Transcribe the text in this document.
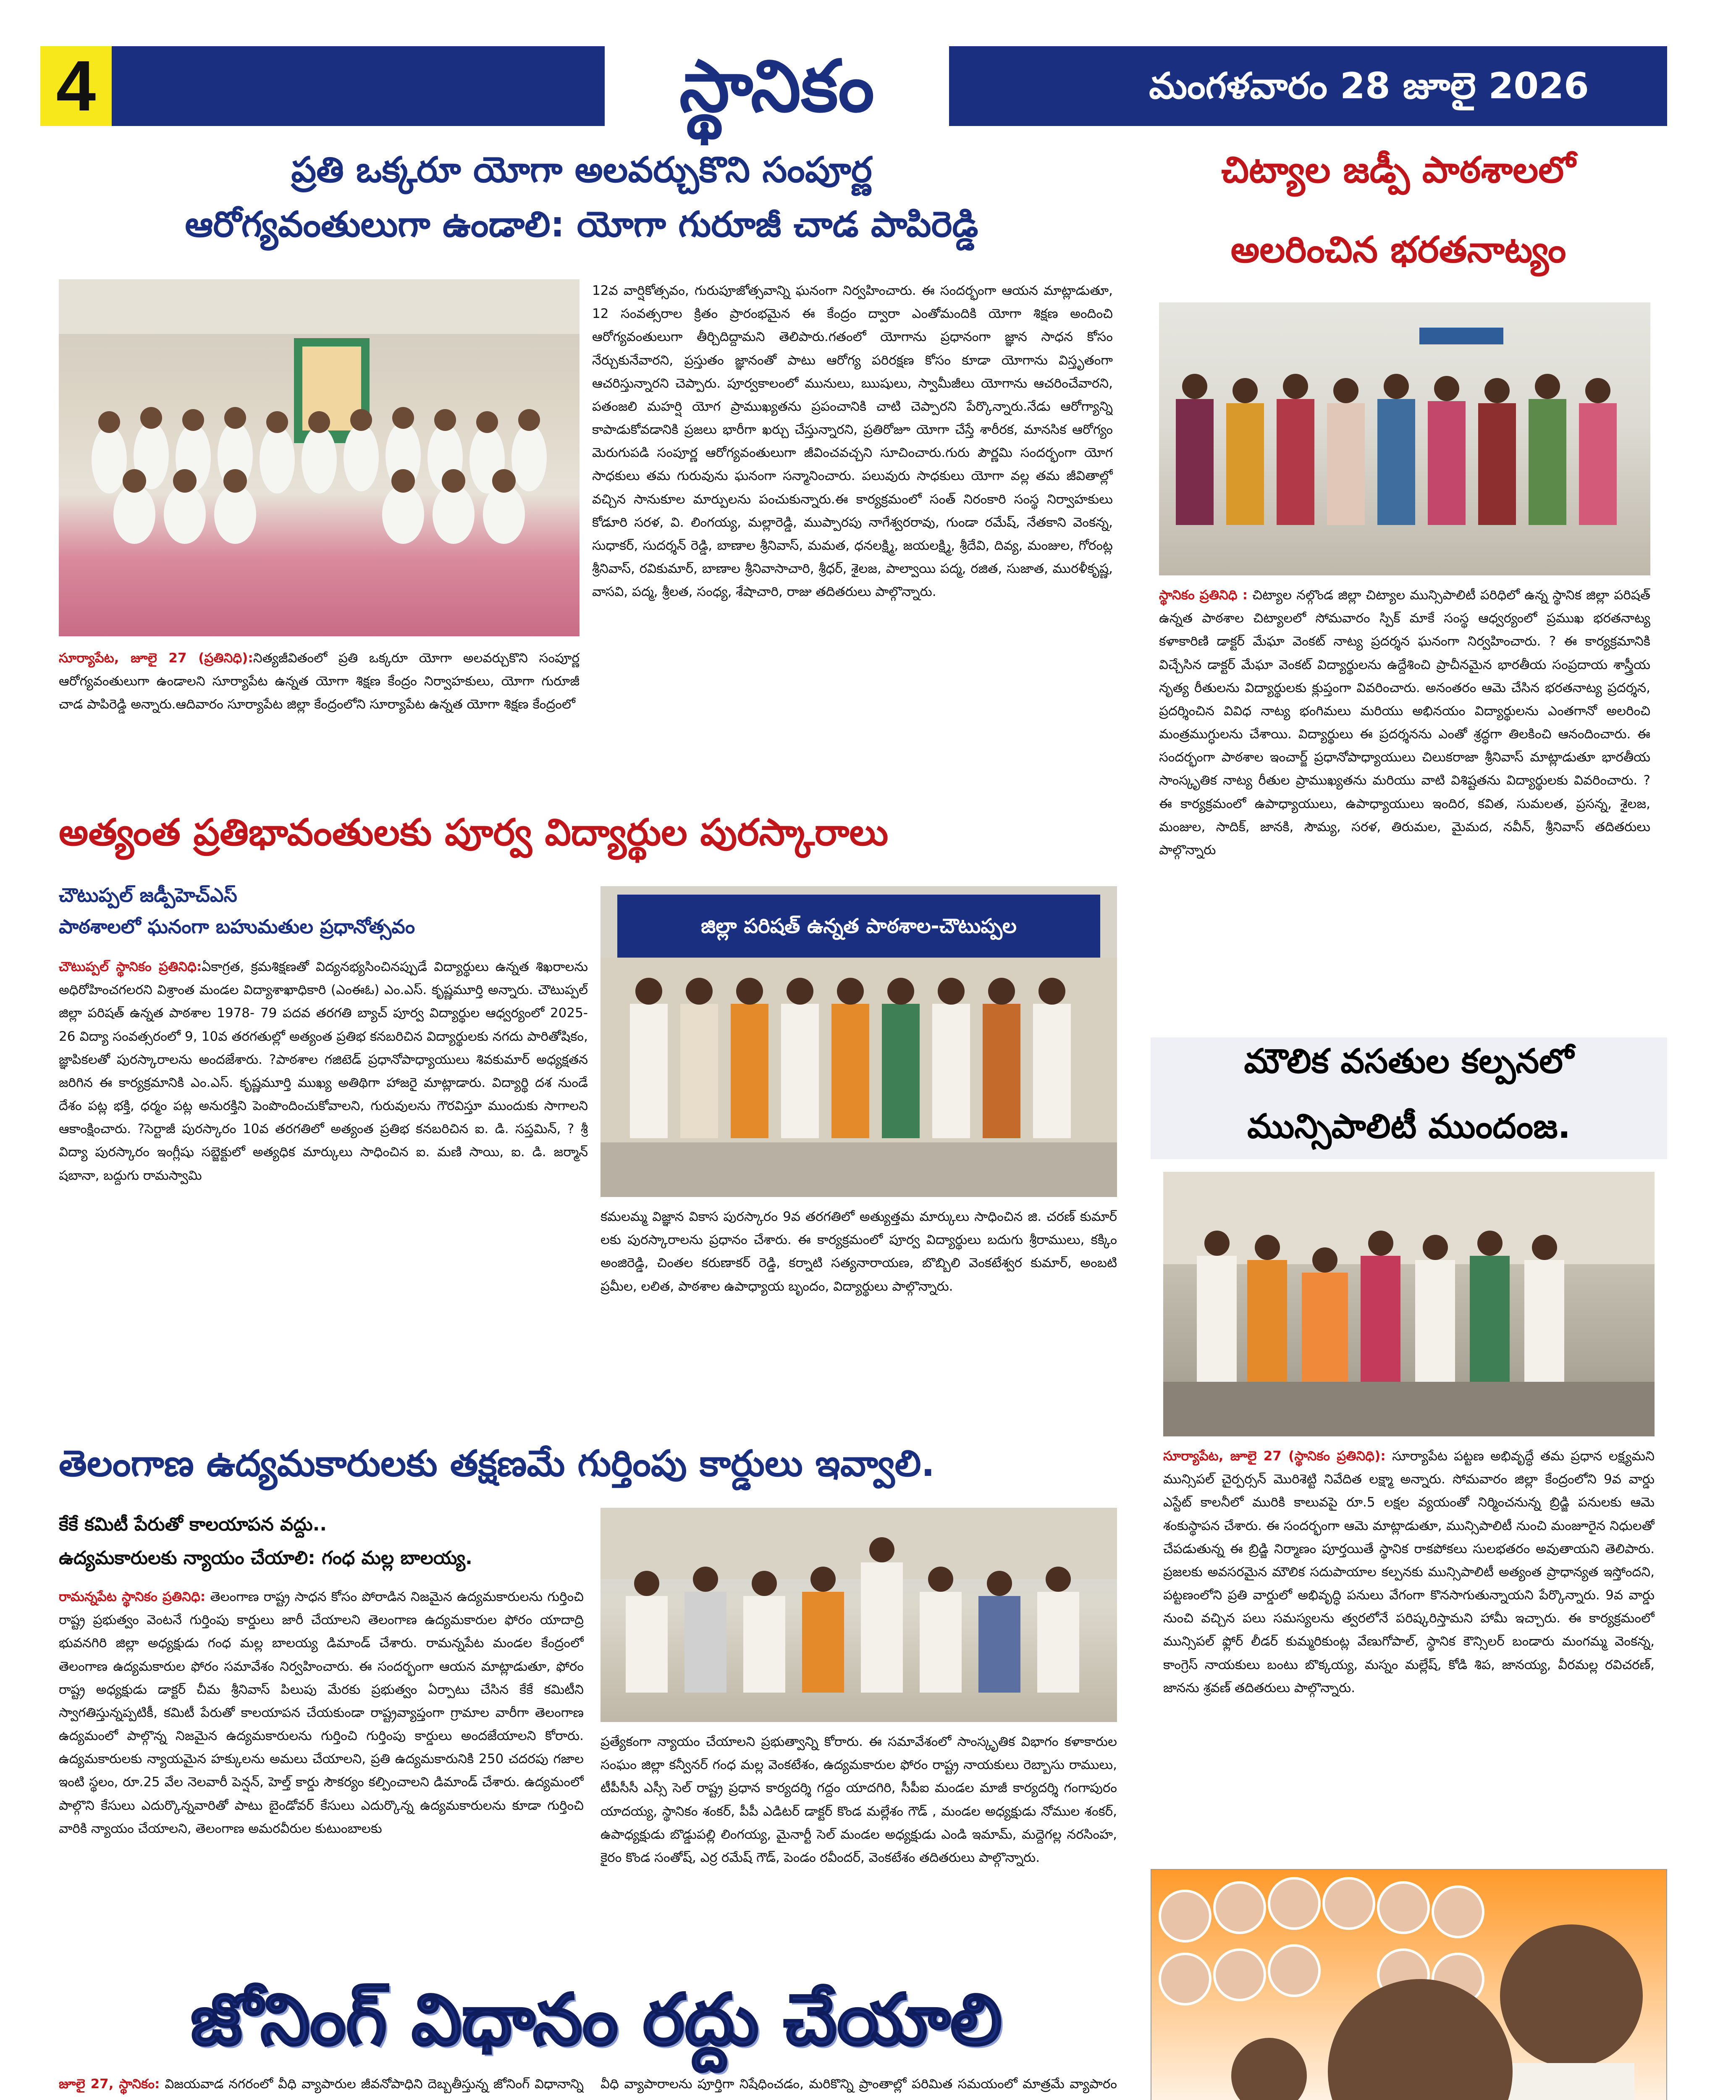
4	స్థానికం	మంగళవారం 28 జూలై 2026
ప్రతి ఒక్కరూ యోగా అలవర్చుకొని సంపూర్ణ
ఆరోగ్యవంతులుగా ఉండాలి: యోగా గురూజీ చాడ పాపిరెడ్డి
సూర్యాపేట, జూలై 27 (ప్రతినిధి):నిత్యజీవితంలో ప్రతి ఒక్కరూ యోగా అలవర్చుకొని సంపూర్ణ ఆరోగ్యవంతులుగా ఉండాలని సూర్యాపేట ఉన్నత యోగా శిక్షణ కేంద్రం నిర్వాహకులు, యోగా గురూజీ చాడ పాపిరెడ్డి అన్నారు.ఆదివారం సూర్యాపేట జిల్లా కేంద్రంలోని సూర్యాపేట ఉన్నత యోగా శిక్షణ కేంద్రంలో
12వ వార్షికోత్సవం, గురుపూజోత్సవాన్ని ఘనంగా నిర్వహించారు. ఈ సందర్భంగా ఆయన మాట్లాడుతూ, 12 సంవత్సరాల క్రితం ప్రారంభమైన ఈ కేంద్రం ద్వారా ఎంతోమందికి యోగా శిక్షణ అందించి ఆరోగ్యవంతులుగా తీర్చిదిద్దామని తెలిపారు.గతంలో యోగాను ప్రధానంగా జ్ఞాన సాధన కోసం నేర్చుకునేవారని, ప్రస్తుతం జ్ఞానంతో పాటు ఆరోగ్య పరిరక్షణ కోసం కూడా యోగాను విస్తృతంగా ఆచరిస్తున్నారని చెప్పారు. పూర్వకాలంలో మునులు, ఋషులు, స్వామీజీలు యోగాను ఆచరించేవారని, పతంజలి మహర్షి యోగ ప్రాముఖ్యతను ప్రపంచానికి చాటి చెప్పారని పేర్కొన్నారు.నేడు ఆరోగ్యాన్ని కాపాడుకోవడానికి ప్రజలు భారీగా ఖర్చు చేస్తున్నారని, ప్రతిరోజూ యోగా చేస్తే శారీరక, మానసిక ఆరోగ్యం మెరుగుపడి సంపూర్ణ ఆరోగ్యవంతులుగా జీవించవచ్చని సూచించారు.గురు పౌర్ణమి సందర్భంగా యోగ సాధకులు తమ గురువును ఘనంగా సన్మానించారు. పలువురు సాధకులు యోగా వల్ల తమ జీవితాల్లో వచ్చిన సానుకూల మార్పులను పంచుకున్నారు.ఈ కార్యక్రమంలో సంత్ నిరంకారి సంస్థ నిర్వాహకులు కోడూరి సరళ, వి. లింగయ్య, మల్లారెడ్డి, ముప్పారపు నాగేశ్వరరావు, గుండా రమేష్, నేతకాని వెంకన్న, సుధాకర్, సుదర్శన్ రెడ్డి, బాణాల శ్రీనివాస్, మమత, ధనలక్ష్మి, జయలక్ష్మి, శ్రీదేవి, దివ్య, మంజుల, గోరంట్ల శ్రీనివాస్, రవికుమార్, బాణాల శ్రీనివాసాచారి, శ్రీధర్, శైలజ, పాల్వాయి పద్మ, రజిత, సుజాత, మురళీకృష్ణ, వాసవి, పద్మ, శ్రీలత, సంధ్య, శేషాచారి, రాజు తదితరులు పాల్గొన్నారు.
చిట్యాల జడ్పీ పాఠశాలలో
అలరించిన భరతనాట్యం
స్థానికం ప్రతినిధి : చిట్యాల నల్గొండ జిల్లా చిట్యాల మున్సిపాలిటీ పరిధిలో ఉన్న స్థానిక జిల్లా పరిషత్ ఉన్నత పాఠశాల చిట్యాలలో సోమవారం స్పిక్ మాకే సంస్థ ఆధ్వర్యంలో ప్రముఖ భరతనాట్య కళాకారిణి డాక్టర్ మేఘా వెంకట్ నాట్య ప్రదర్శన ఘనంగా నిర్వహించారు. ? ఈ కార్యక్రమానికి విచ్చేసిన డాక్టర్ మేఘా వెంకట్ విద్యార్థులను ఉద్దేశించి ప్రాచీనమైన భారతీయ సంప్రదాయ శాస్త్రీయ నృత్య రీతులను విద్యార్థులకు క్లుప్తంగా వివరించారు. అనంతరం ఆమె చేసిన భరతనాట్య ప్రదర్శన, ప్రదర్శించిన వివిధ నాట్య భంగిమలు మరియు అభినయం విద్యార్థులను ఎంతగానో అలరించి మంత్రముగ్ధులను చేశాయి. విద్యార్థులు ఈ ప్రదర్శనను ఎంతో శ్రద్ధగా తిలకించి ఆనందించారు. ఈ సందర్భంగా పాఠశాల ఇంచార్జ్ ప్రధానోపాధ్యాయులు చిలుకరాజా శ్రీనివాస్ మాట్లాడుతూ భారతీయ సాంస్కృతిక నాట్య రీతుల ప్రాముఖ్యతను మరియు వాటి విశిష్టతను విద్యార్థులకు వివరించారు. ? ఈ కార్యక్రమంలో ఉపాధ్యాయులు, ఉపాధ్యాయులు ఇందిర, కవిత, సుమలత, ప్రసన్న, శైలజ, మంజుల, సాదిక్, జానకి, సౌమ్య, సరళ, తిరుమల, మైమద, నవీన్, శ్రీనివాస్ తదితరులు పాల్గొన్నారు
అత్యంత ప్రతిభావంతులకు పూర్వ విద్యార్థుల పురస్కారాలు
చౌటుప్పల్ జడ్పీహెచ్ఎస్
పాఠశాలలో ఘనంగా బహుమతుల ప్రధానోత్సవం
చౌటుప్పల్ స్థానికం ప్రతినిధి:ఏకాగ్రత, క్రమశిక్షణతో విద్యనభ్యసించినప్పుడే విద్యార్థులు ఉన్నత శిఖరాలను అధిరోహించగలరని విశ్రాంత మండల విద్యాశాఖాధికారి (ఎంఈఓ) ఎం.ఎస్. కృష్ణమూర్తి అన్నారు. చౌటుప్పల్ జిల్లా పరిషత్ ఉన్నత పాఠశాల 1978- 79 పదవ తరగతి బ్యాచ్ పూర్వ విద్యార్థుల ఆధ్వర్యంలో 2025- 26 విద్యా సంవత్సరంలో 9, 10వ తరగతుల్లో అత్యంత ప్రతిభ కనబరిచిన విద్యార్థులకు నగదు పారితోషికం, జ్ఞాపికలతో పురస్కారాలను అందజేశారు. ?పాఠశాల గజిటెడ్ ప్రధానోపాధ్యాయులు శివకుమార్ అధ్యక్షతన జరిగిన ఈ కార్యక్రమానికి ఎం.ఎస్. కృష్ణమూర్తి ముఖ్య అతిథిగా హాజరై మాట్లాడారు. విద్యార్థి దశ నుండే దేశం పట్ల భక్తి, ధర్మం పట్ల అనురక్తిని పెంపొందించుకోవాలని, గురువులను గౌరవిస్తూ ముందుకు సాగాలని ఆకాంక్షించారు. ?సెర్టాజీ పురస్కారం 10వ తరగతిలో అత్యంత ప్రతిభ కనబరిచిన ఐ. డి. సప్తమిన్, ? శ్రీ విద్యా పురస్కారం ఇంగ్లీషు సబ్జెక్టులో అత్యధిక మార్కులు సాధించిన ఐ. మణి సాయి, ఐ. డి. జర్మాన్ షబానా, బద్దుగు రామస్వామి
జిల్లా పరిషత్ ఉన్నత పాఠశాల-చౌటుప్పల
కమలమ్మ విజ్ఞాన వికాస పురస్కారం 9వ తరగతిలో అత్యుత్తమ మార్కులు సాధించిన జి. చరణ్ కుమార్ లకు పురస్కారాలను ప్రధానం చేశారు. ఈ కార్యక్రమంలో పూర్వ విద్యార్థులు బదుగు శ్రీరాములు, కక్కిం అంజిరెడ్డి, చింతల కరుణాకర్ రెడ్డి, కర్నాటి సత్యనారాయణ, బొబ్బిలి వెంకటేశ్వర కుమార్, అంబటి ప్రమీల, లలిత, పాఠశాల ఉపాధ్యాయ బృందం, విద్యార్థులు పాల్గొన్నారు.
మౌలిక వసతుల కల్పనలో
మున్సిపాలిటీ ముందంజ.
సూర్యాపేట, జూలై 27 (స్థానికం ప్రతినిధి): సూర్యాపేట పట్టణ అభివృద్ధే తమ ప్రధాన లక్ష్యమని మున్సిపల్ చైర్పర్సన్ మొరిశెట్టి నివేదిత లక్ష్మా అన్నారు. సోమవారం జిల్లా కేంద్రంలోని 9వ వార్డు ఎస్టేట్ కాలనీలో మురికి కాలువపై రూ.5 లక్షల వ్యయంతో నిర్మించనున్న బ్రిడ్జి పనులకు ఆమె శంకుస్థాపన చేశారు. ఈ సందర్భంగా ఆమె మాట్లాడుతూ, మున్సిపాలిటీ నుంచి మంజూరైన నిధులతో చేపడుతున్న ఈ బ్రిడ్జి నిర్మాణం పూర్తయితే స్థానిక రాకపోకలు సులభతరం అవుతాయని తెలిపారు. ప్రజలకు అవసరమైన మౌలిక సదుపాయాల కల్పనకు మున్సిపాలిటీ అత్యంత ప్రాధాన్యత ఇస్తోందని, పట్టణంలోని ప్రతి వార్డులో అభివృద్ధి పనులు వేగంగా కొనసాగుతున్నాయని పేర్కొన్నారు. 9వ వార్డు నుంచి వచ్చిన పలు సమస్యలను త్వరలోనే పరిష్కరిస్తామని హామీ ఇచ్చారు. ఈ కార్యక్రమంలో మున్సిపల్ ఫ్లోర్ లీడర్ కుమ్మరికుంట్ల వేణుగోపాల్, స్థానిక కౌన్సిలర్ బండారు మంగమ్మ వెంకన్న, కాంగ్రెస్ నాయకులు బంటు బొక్కయ్య, మస్నం మల్లేష్, కోడి శిప, జానయ్య, వీరమల్ల రవిచరణ్, జానను శ్రవణ్ తదితరులు పాల్గొన్నారు.
తెలంగాణ ఉద్యమకారులకు తక్షణమే గుర్తింపు కార్డులు ఇవ్వాలి.
కేకే కమిటీ పేరుతో కాలయాపన వద్దు..
ఉద్యమకారులకు న్యాయం చేయాలి: గంధ మల్ల బాలయ్య.
రామన్నపేట స్థానికం ప్రతినిధి: తెలంగాణ రాష్ట్ర సాధన కోసం పోరాడిన నిజమైన ఉద్యమకారులను గుర్తించి రాష్ట్ర ప్రభుత్వం వెంటనే గుర్తింపు కార్డులు జారీ చేయాలని తెలంగాణ ఉద్యమకారుల ఫోరం యాదాద్రి భువనగిరి జిల్లా అధ్యక్షుడు గంధ మల్ల బాలయ్య డిమాండ్ చేశారు. రామన్నపేట మండల కేంద్రంలో తెలంగాణ ఉద్యమకారుల ఫోరం సమావేశం నిర్వహించారు. ఈ సందర్భంగా ఆయన మాట్లాడుతూ, ఫోరం రాష్ట్ర అధ్యక్షుడు డాక్టర్ చీమ శ్రీనివాస్ పిలుపు మేరకు ప్రభుత్వం ఏర్పాటు చేసిన కేకే కమిటీని స్వాగతిస్తున్నప్పటికీ, కమిటీ పేరుతో కాలయాపన చేయకుండా రాష్ట్రవ్యాప్తంగా గ్రామాల వారీగా తెలంగాణ ఉద్యమంలో పాల్గొన్న నిజమైన ఉద్యమకారులను గుర్తించి గుర్తింపు కార్డులు అందజేయాలని కోరారు. ఉద్యమకారులకు న్యాయమైన హక్కులను అమలు చేయాలని, ప్రతి ఉద్యమకారునికి 250 చదరపు గజాల ఇంటి స్థలం, రూ.25 వేల నెలవారీ పెన్షన్, హెల్త్ కార్డు సౌకర్యం కల్పించాలని డిమాండ్ చేశారు. ఉద్యమంలో పాల్గొని కేసులు ఎదుర్కొన్నవారితో పాటు బైండోవర్ కేసులు ఎదుర్కొన్న ఉద్యమకారులను కూడా గుర్తించి వారికి న్యాయం చేయాలని, తెలంగాణ అమరవీరుల కుటుంబాలకు
ప్రత్యేకంగా న్యాయం చేయాలని ప్రభుత్వాన్ని కోరారు. ఈ సమావేశంలో సాంస్కృతిక విభాగం కళాకారుల సంఘం జిల్లా కన్వీనర్ గంధ మల్ల వెంకటేశం, ఉద్యమకారుల ఫోరం రాష్ట్ర నాయకులు రెబ్బాసు రాములు, టీపీసీసీ ఎస్సీ సెల్ రాష్ట్ర ప్రధాన కార్యదర్శి గద్దం యాదగిరి, సీపీఐ మండల మాజీ కార్యదర్శి గంగాపురం యాదయ్య, స్థానికం శంకర్, పీపీ ఎడిటర్ డాక్టర్ కొండ మల్లేశం గౌడ్ , మండల అధ్యక్షుడు నోముల శంకర్, ఉపాధ్యక్షుడు బొడ్డుపల్లి లింగయ్య, మైనార్టీ సెల్ మండల అధ్యక్షుడు ఎండి ఇమామ్, మద్దెగల్ల నరసింహ, కైరం కొండ సంతోష్, ఎర్ర రమేష్ గౌడ్, పెండం రవీందర్, వెంకటేశం తదితరులు పాల్గొన్నారు.
జోనింగ్ విధానం రద్దు చేయాలి
జూలై 27, స్థానికం: విజయవాడ నగరంలో వీధి వ్యాపారుల జీవనోపాధిని దెబ్బతీస్తున్న జోనింగ్ విధానాన్ని వీధి వ్యాపారాలను పూర్తిగా నిషేధించడం, మరికొన్ని ప్రాంతాల్లో పరిమిత సమయంలో మాత్రమే వ్యాపారం
